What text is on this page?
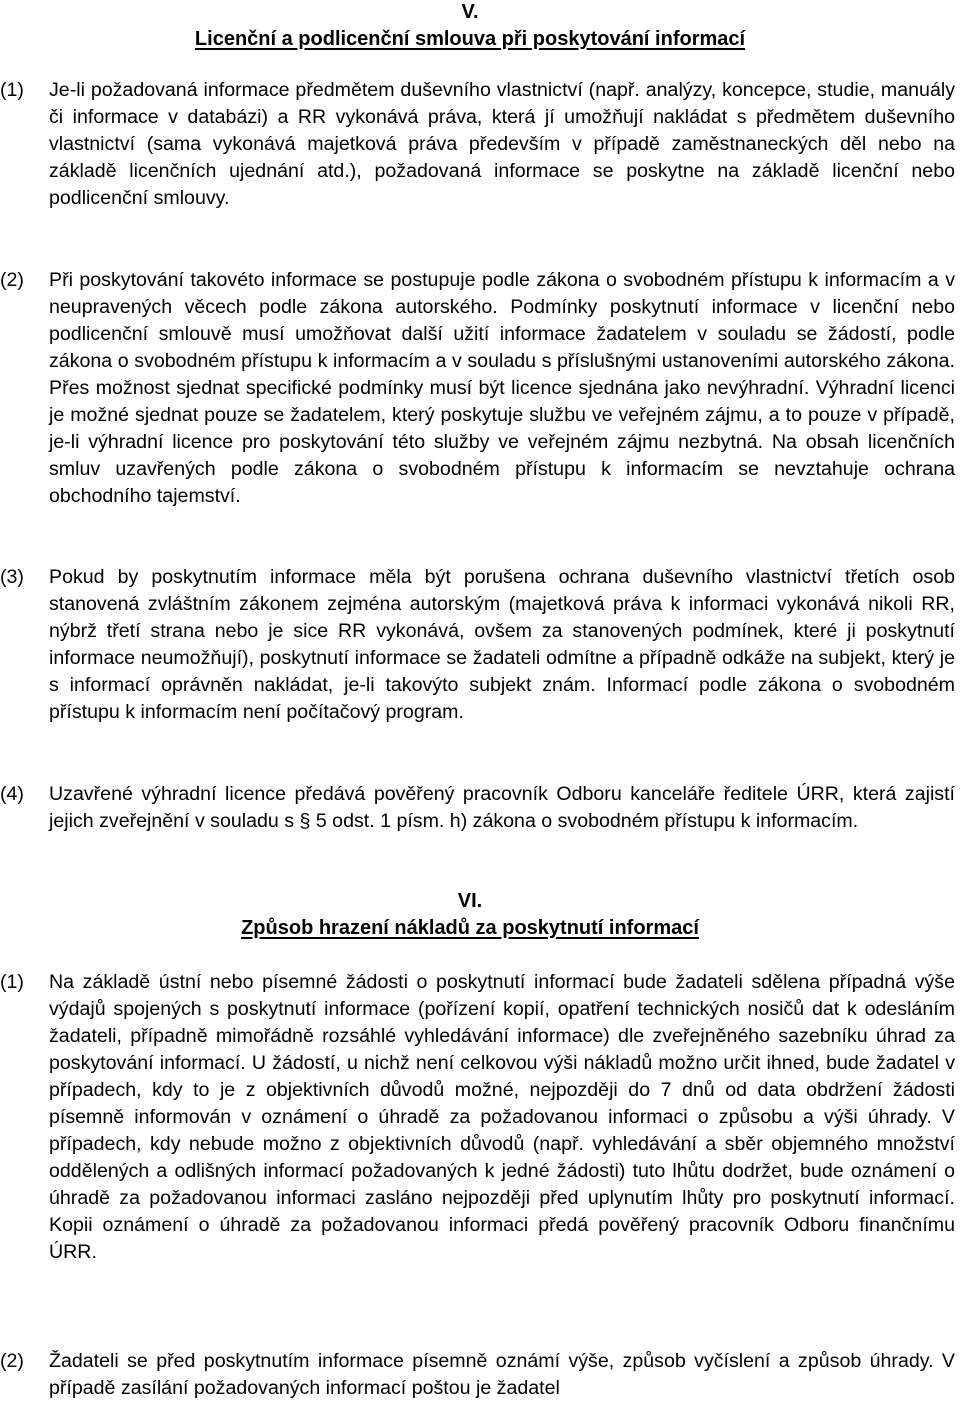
V.
Licenční a podlicenční smlouva při poskytování informací
(1)	Je-li požadovaná informace předmětem duševního vlastnictví (např. analýzy, koncepce, studie, manuály či informace v databázi) a RR vykonává práva, která jí umožňují nakládat s předmětem duševního vlastnictví (sama vykonává majetková práva především v případě zaměstnaneckých děl nebo na základě licenčních ujednání atd.), požadovaná informace se poskytne na základě licenční nebo podlicenční smlouvy.
(2)	Při poskytování takovéto informace se postupuje podle zákona o svobodném přístupu k informacím a v neupravených věcech podle zákona autorského. Podmínky poskytnutí informace v licenční nebo podlicenční smlouvě musí umožňovat další užití informace žadatelem v souladu se žádostí, podle zákona o svobodném přístupu k informacím a v souladu s příslušnými ustanoveními autorského zákona. Přes možnost sjednat specifické podmínky musí být licence sjednána jako nevýhradní. Výhradní licenci je možné sjednat pouze se žadatelem, který poskytuje službu ve veřejném zájmu, a to pouze v případě, je-li výhradní licence pro poskytování této služby ve veřejném zájmu nezbytná. Na obsah licenčních smluv uzavřených podle zákona o svobodném přístupu k informacím se nevztahuje ochrana obchodního tajemství.
(3)	Pokud by poskytnutím informace měla být porušena ochrana duševního vlastnictví třetích osob stanovená zvláštním zákonem zejména autorským (majetková práva k informaci vykonává nikoli RR, nýbrž třetí strana nebo je sice RR vykonává, ovšem za stanovených podmínek, které ji poskytnutí informace neumožňují), poskytnutí informace se žadateli odmítne a případně odkáže na subjekt, který je s informací oprávněn nakládat, je-li takovýto subjekt znám. Informací podle zákona o svobodném přístupu k informacím není počítačový program.
(4)	Uzavřené výhradní licence předává pověřený pracovník Odboru kanceláře ředitele ÚRR, která zajistí jejich zveřejnění v souladu s § 5 odst. 1 písm. h) zákona o svobodném přístupu k informacím.
VI.
Způsob hrazení nákladů za poskytnutí informací
(1)	Na základě ústní nebo písemné žádosti o poskytnutí informací bude žadateli sdělena případná výše výdajů spojených s poskytnutí informace (pořízení kopií, opatření technických nosičů dat k odesláním žadateli, případně mimořádně rozsáhlé vyhledávání informace) dle zveřejněného sazebníku úhrad za poskytování informací. U žádostí, u nichž není celkovou výši nákladů možno určit ihned, bude žadatel v případech, kdy to je z objektivních důvodů možné, nejpozději do 7 dnů od data obdržení žádosti písemně informován v oznámení o úhradě za požadovanou informaci o způsobu a výši úhrady. V případech, kdy nebude možno z objektivních důvodů (např. vyhledávání a sběr objemného množství oddělených a odlišných informací požadovaných k jedné žádosti) tuto lhůtu dodržet, bude oznámení o úhradě za požadovanou informaci zasláno nejpozději před uplynutím lhůty pro poskytnutí informací. Kopii oznámení o úhradě za požadovanou informaci předá pověřený pracovník Odboru finančnímu ÚRR.
(2)	Žadateli se před poskytnutím informace písemně oznámí výše, způsob vyčíslení a způsob úhrady. V případě zasílání požadovaných informací poštou je žadatel
